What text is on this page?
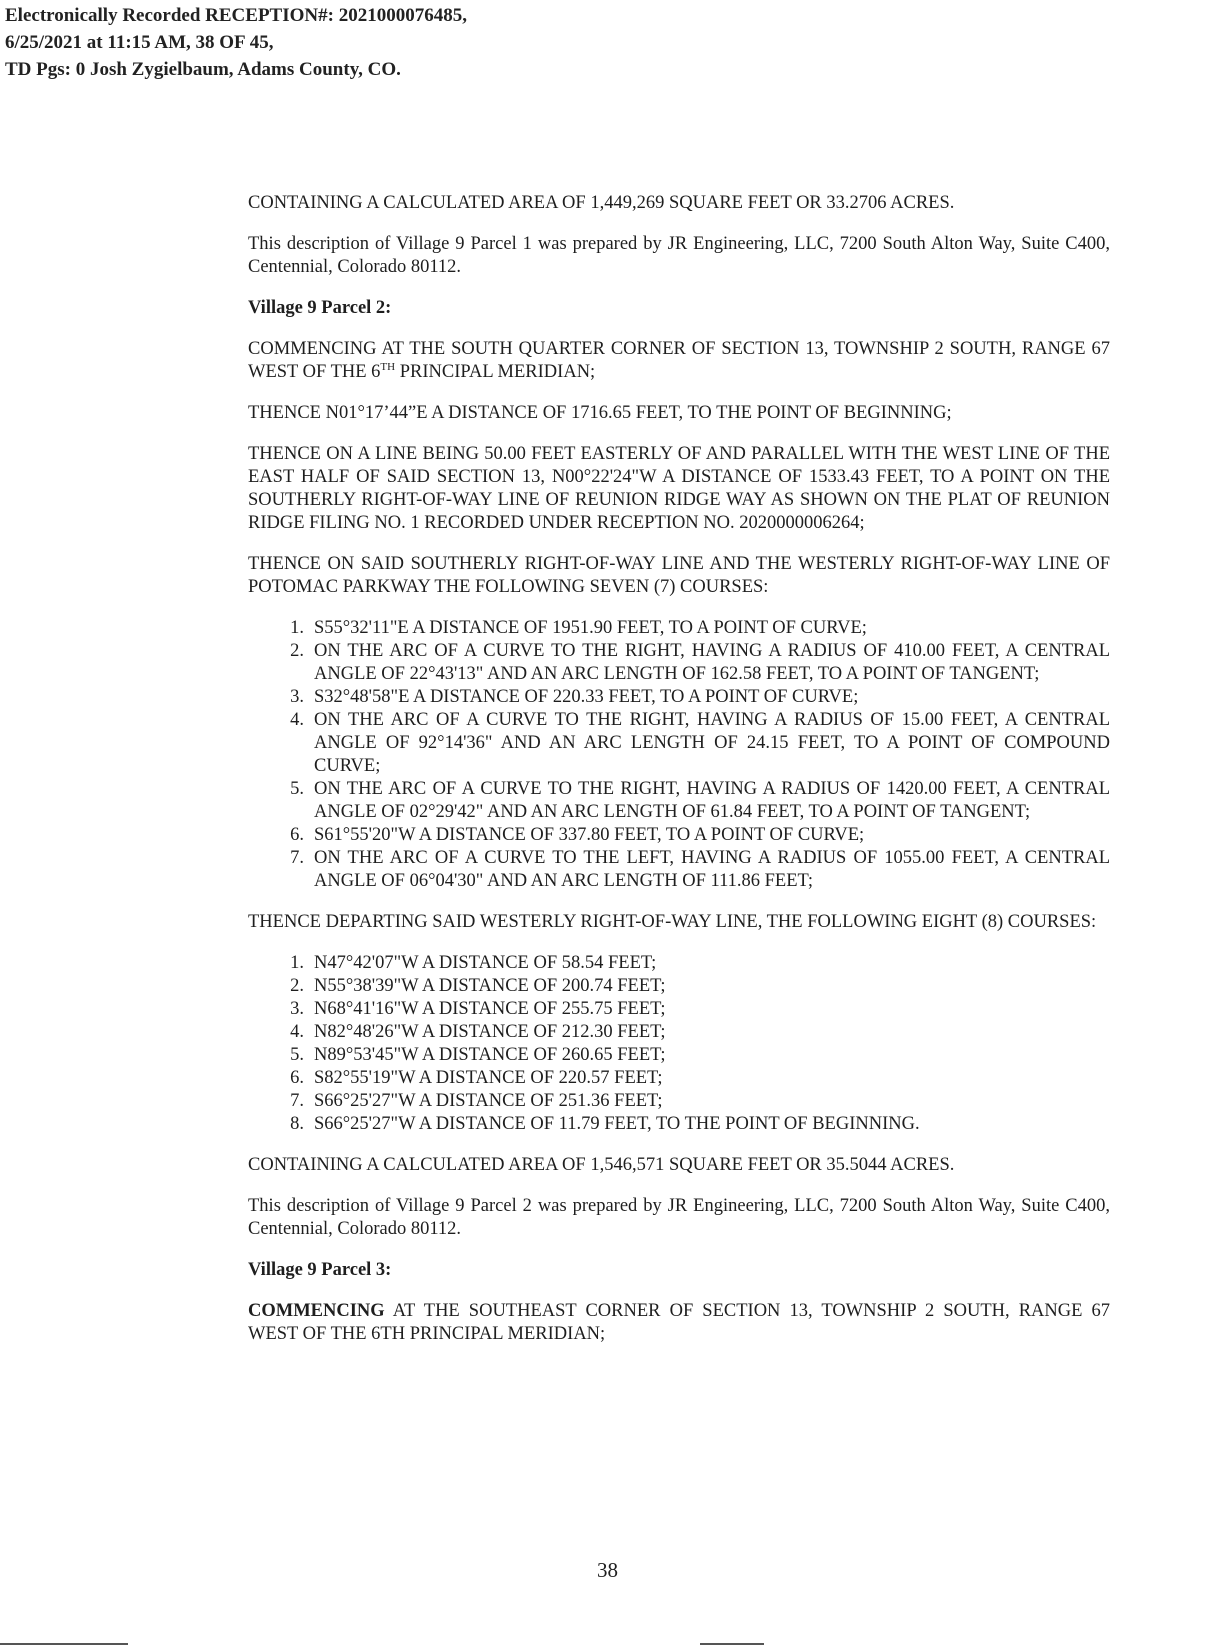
Electronically Recorded RECEPTION#: 2021000076485,
6/25/2021 at 11:15 AM, 38 OF 45,
TD Pgs: 0 Josh Zygielbaum, Adams County, CO.

CONTAINING A CALCULATED AREA OF 1,449,269 SQUARE FEET OR 33.2706 ACRES.

This description of Village 9 Parcel 1 was prepared by JR Engineering, LLC, 7200 South Alton Way, Suite C400, Centennial, Colorado 80112.

Village 9 Parcel 2:

COMMENCING AT THE SOUTH QUARTER CORNER OF SECTION 13, TOWNSHIP 2 SOUTH, RANGE 67 WEST OF THE 6TH PRINCIPAL MERIDIAN;

THENCE N01°17’44”E A DISTANCE OF 1716.65 FEET, TO THE POINT OF BEGINNING;

THENCE ON A LINE BEING 50.00 FEET EASTERLY OF AND PARALLEL WITH THE WEST LINE OF THE EAST HALF OF SAID SECTION 13, N00°22'24"W A DISTANCE OF 1533.43 FEET, TO A POINT ON THE SOUTHERLY RIGHT-OF-WAY LINE OF REUNION RIDGE WAY AS SHOWN ON THE PLAT OF REUNION RIDGE FILING NO. 1 RECORDED UNDER RECEPTION NO. 2020000006264;

THENCE ON SAID SOUTHERLY RIGHT-OF-WAY LINE AND THE WESTERLY RIGHT-OF-WAY LINE OF POTOMAC PARKWAY THE FOLLOWING SEVEN (7) COURSES:

1. S55°32'11"E A DISTANCE OF 1951.90 FEET, TO A POINT OF CURVE;
2. ON THE ARC OF A CURVE TO THE RIGHT, HAVING A RADIUS OF 410.00 FEET, A CENTRAL ANGLE OF 22°43'13" AND AN ARC LENGTH OF 162.58 FEET, TO A POINT OF TANGENT;
3. S32°48'58"E A DISTANCE OF 220.33 FEET, TO A POINT OF CURVE;
4. ON THE ARC OF A CURVE TO THE RIGHT, HAVING A RADIUS OF 15.00 FEET, A CENTRAL ANGLE OF 92°14'36" AND AN ARC LENGTH OF 24.15 FEET, TO A POINT OF COMPOUND CURVE;
5. ON THE ARC OF A CURVE TO THE RIGHT, HAVING A RADIUS OF 1420.00 FEET, A CENTRAL ANGLE OF 02°29'42" AND AN ARC LENGTH OF 61.84 FEET, TO A POINT OF TANGENT;
6. S61°55'20"W A DISTANCE OF 337.80 FEET, TO A POINT OF CURVE;
7. ON THE ARC OF A CURVE TO THE LEFT, HAVING A RADIUS OF 1055.00 FEET, A CENTRAL ANGLE OF 06°04'30" AND AN ARC LENGTH OF 111.86 FEET;

THENCE DEPARTING SAID WESTERLY RIGHT-OF-WAY LINE, THE FOLLOWING EIGHT (8) COURSES:

1. N47°42'07"W A DISTANCE OF 58.54 FEET;
2. N55°38'39"W A DISTANCE OF 200.74 FEET;
3. N68°41'16"W A DISTANCE OF 255.75 FEET;
4. N82°48'26"W A DISTANCE OF 212.30 FEET;
5. N89°53'45"W A DISTANCE OF 260.65 FEET;
6. S82°55'19"W A DISTANCE OF 220.57 FEET;
7. S66°25'27"W A DISTANCE OF 251.36 FEET;
8. S66°25'27"W A DISTANCE OF 11.79 FEET, TO THE POINT OF BEGINNING.

CONTAINING A CALCULATED AREA OF 1,546,571 SQUARE FEET OR 35.5044 ACRES.

This description of Village 9 Parcel 2 was prepared by JR Engineering, LLC, 7200 South Alton Way, Suite C400, Centennial, Colorado 80112.

Village 9 Parcel 3:

COMMENCING AT THE SOUTHEAST CORNER OF SECTION 13, TOWNSHIP 2 SOUTH, RANGE 67 WEST OF THE 6TH PRINCIPAL MERIDIAN;

38
